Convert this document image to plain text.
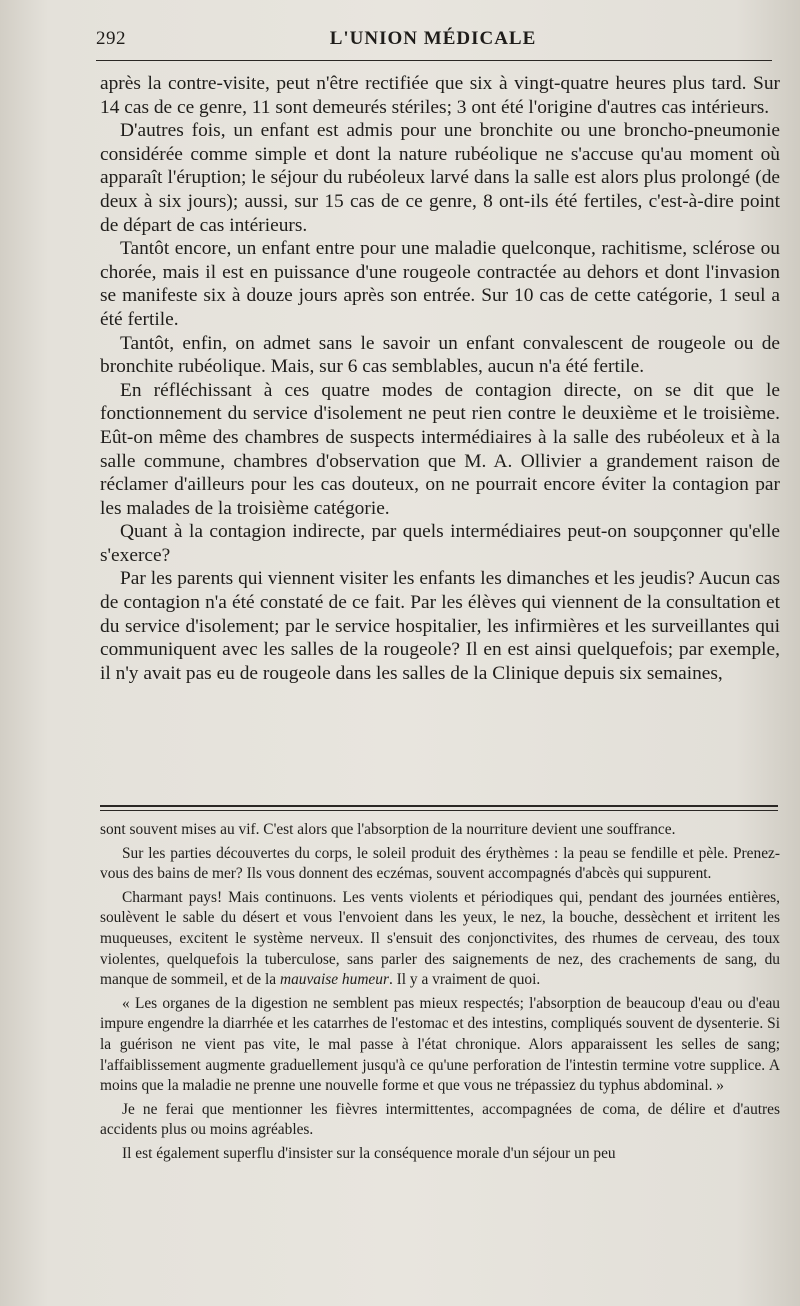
292	L'UNION MÉDICALE

après la contre-visite, peut n'être rectifiée que six à vingt-quatre heures plus tard. Sur 14 cas de ce genre, 11 sont demeurés stériles; 3 ont été l'origine d'autres cas intérieurs.

D'autres fois, un enfant est admis pour une bronchite ou une broncho-pneumonie considérée comme simple et dont la nature rubéolique ne s'accuse qu'au moment où apparaît l'éruption; le séjour du rubéoleux larvé dans la salle est alors plus prolongé (de deux à six jours); aussi, sur 15 cas de ce genre, 8 ont-ils été fertiles, c'est-à-dire point de départ de cas intérieurs.

Tantôt encore, un enfant entre pour une maladie quelconque, rachitisme, sclérose ou chorée, mais il est en puissance d'une rougeole contractée au dehors et dont l'invasion se manifeste six à douze jours après son entrée. Sur 10 cas de cette catégorie, 1 seul a été fertile.

Tantôt, enfin, on admet sans le savoir un enfant convalescent de rougeole ou de bronchite rubéolique. Mais, sur 6 cas semblables, aucun n'a été fertile.

En réfléchissant à ces quatre modes de contagion directe, on se dit que le fonctionnement du service d'isolement ne peut rien contre le deuxième et le troisième. Eût-on même des chambres de suspects intermédiaires à la salle des rubéoleux et à la salle commune, chambres d'observation que M. A. Ollivier a grandement raison de réclamer d'ailleurs pour les cas douteux, on ne pourrait encore éviter la contagion par les malades de la troisième catégorie.

Quant à la contagion indirecte, par quels intermédiaires peut-on soupçonner qu'elle s'exerce?

Par les parents qui viennent visiter les enfants les dimanches et les jeudis? Aucun cas de contagion n'a été constaté de ce fait. Par les élèves qui viennent de la consultation et du service d'isolement; par le service hospitalier, les infirmières et les surveillantes qui communiquent avec les salles de la rougeole? Il en est ainsi quelquefois; par exemple, il n'y avait pas eu de rougeole dans les salles de la Clinique depuis six semaines,

sont souvent mises au vif. C'est alors que l'absorption de la nourriture devient une souffrance.

Sur les parties découvertes du corps, le soleil produit des érythèmes : la peau se fendille et pèle. Prenez-vous des bains de mer? Ils vous donnent des eczémas, souvent accompagnés d'abcès qui suppurent.

Charmant pays! Mais continuons. Les vents violents et périodiques qui, pendant des journées entières, soulèvent le sable du désert et vous l'envoient dans les yeux, le nez, la bouche, dessèchent et irritent les muqueuses, excitent le système nerveux. Il s'ensuit des conjonctivites, des rhumes de cerveau, des toux violentes, quelquefois la tuberculose, sans parler des saignements de nez, des crachements de sang, du manque de sommeil, et de la mauvaise humeur. Il y a vraiment de quoi.

« Les organes de la digestion ne semblent pas mieux respectés; l'absorption de beaucoup d'eau ou d'eau impure engendre la diarrhée et les catarrhes de l'estomac et des intestins, compliqués souvent de dysenterie. Si la guérison ne vient pas vite, le mal passe à l'état chronique. Alors apparaissent les selles de sang; l'affaiblissement augmente graduellement jusqu'à ce qu'une perforation de l'intestin termine votre supplice. A moins que la maladie ne prenne une nouvelle forme et que vous ne trépassiez du typhus abdominal. »

Je ne ferai que mentionner les fièvres intermittentes, accompagnées de coma, de délire et d'autres accidents plus ou moins agréables.

Il est également superflu d'insister sur la conséquence morale d'un séjour un peu
